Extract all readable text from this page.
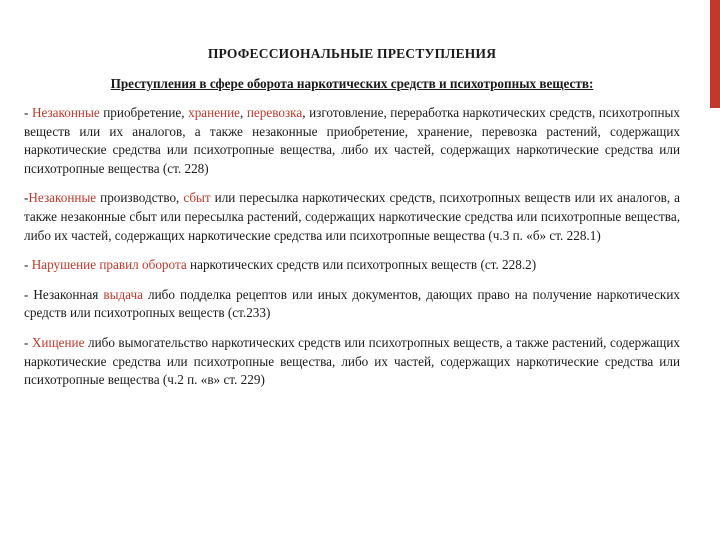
ПРОФЕССИОНАЛЬНЫЕ ПРЕСТУПЛЕНИЯ
Преступления в сфере оборота наркотических средств и психотропных веществ:

- Незаконные приобретение, хранение, перевозка, изготовление, переработка наркотических средств, психотропных веществ или их аналогов, а также незаконные приобретение, хранение, перевозка растений, содержащих наркотические средства или психотропные вещества, либо их частей, содержащих наркотические средства или психотропные вещества (ст. 228)

-Незаконные производство, сбыт или пересылка наркотических средств, психотропных веществ или их аналогов, а также незаконные сбыт или пересылка растений, содержащих наркотические средства или психотропные вещества, либо их частей, содержащих наркотические средства или психотропные вещества (ч.3 п. «б» ст. 228.1)

- Нарушение правил оборота наркотических средств или психотропных веществ (ст. 228.2)

- Незаконная выдача либо подделка рецептов или иных документов, дающих право на получение наркотических средств или психотропных веществ (ст.233)

- Хищение либо вымогательство наркотических средств или психотропных веществ, а также растений, содержащих наркотические средства или психотропные вещества, либо их частей, содержащих наркотические средства или психотропные вещества (ч.2 п. «в» ст. 229)
